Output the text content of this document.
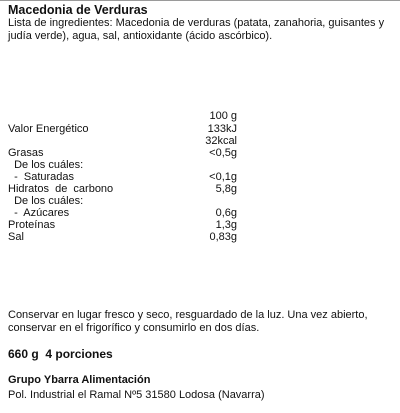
Macedonia de Verduras
Lista de ingredientes: Macedonia de verduras (patata, zanahoria, guisantes y judía verde), agua, sal, antioxidante (ácido ascórbico).
100 g
Valor Energético	133kJ
32kcal
Grasas	<0,5g
De los cuáles:
-  Saturadas	<0,1g
Hidratos  de  carbono	5,8g
De los cuáles:
-  Azúcares	0,6g
Proteínas	1,3g
Sal	0,83g
Conservar en lugar fresco y seco, resguardado de la luz. Una vez abierto, conservar en el frigorífico y consumirlo en dos días.
660 g  4 porciones
Grupo Ybarra Alimentación
Pol. Industrial el Ramal Nº5 31580 Lodosa (Navarra)
